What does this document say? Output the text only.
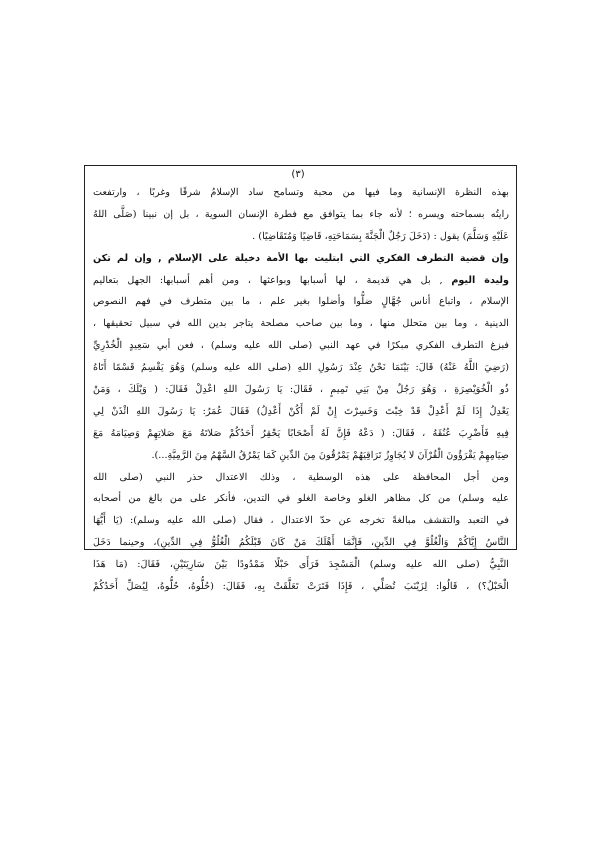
(٣)
بهذه النظرة الإنسانية وما فيها من محبة وتسامح ساد الإسلامُ شرقًا وغربًا ، وارتفعت
رايتُه بسماحته ويسره ؛ لأنه جاء بما يتوافق مع فطرة الإنسان السوية ، بل إن نبينا (صَلَّى اللهُ
عَلَيْهِ وَسَلَّمَ) يقول : (دَخَلَ رَجُلٌ الْجَنَّةَ بِسَمَاحَتِهِ، قَاضِيًا وَمُتَقَاضِيًا) .
وإن قضية التطرف الفكري التي ابتليت بها الأمة دخيلة على الإسلام , وإن لم تكن
وليدة اليوم , بل هي قديمة ، لها أسبابها وبواعثها ، ومن أهم أسبابها: الجهل بتعاليم
الإسلام ، واتباع أناس جُهَّالٍ ضلُّوا وأضلوا بغير علم ، ما بين متطرف في فهم النصوص
الدينية ، وما بين متحلل منها ، وما بين صاحب مصلحة يتاجر بدين الله في سبيل تحقيقها ،
فبزغ التطرف الفكري مبكرًا في عهد النبي (صلى الله عليه وسلم) ، فعن أبي سَعِيدٍ الْخُدْرِيِّ
(رَضِيَ اللَّهُ عَنْهُ) قَالَ: بَيْنَمَا نَحْنُ عِنْدَ رَسُولِ اللهِ (صلى الله عليه وسلم) وَهُوَ يَقْسِمُ قَسْمًا أَتَاهُ
ذُو الْخُوَيْصِرَةِ ، وَهُوَ رَجُلٌ مِنْ بَنِي تَمِيمٍ ، فَقَالَ: يَا رَسُولَ اللهِ اعْدِلْ فَقَالَ: ( وَيْلَكَ ، وَمَنْ
يَعْدِلُ إِذَا لَمْ أَعْدِلْ قَدْ خِبْتَ وَخَسِرْتَ إِنْ لَمْ أَكُنْ أَعْدِلُ) فَقَالَ عُمَرُ: يَا رَسُولَ اللهِ ائْذَنْ لِي
فِيهِ فَأَضْرِبَ عُنُقَهُ ، فَقَالَ: ( دَعْهُ فَإِنَّ لَهُ أَصْحَابًا يَحْقِرُ أَحَدُكُمْ صَلاتَهُ مَعَ صَلاتِهِمْ وَصِيَامَهُ مَعَ
صِيَامِهِمْ يَقْرَؤُونَ الْقُرْآنَ لا يُجَاوِزُ تَرَاقِيَهُمْ يَمْرُقُونَ مِنَ الدِّينِ كَمَا يَمْرُقُ السَّهْمُ مِنَ الرَّمِيَّةِ...).
ومن أجل المحافظة على هذه الوسطية ، وذلك الاعتدال حذر النبي (صلى الله
عليه وسلم) من كل مظاهر الغلو وخاصة الغلو في التدين، فأنكر على من بالغ من أصحابه
في التعبد والتقشف مبالغةً تخرجه عن حدّ الاعتدال ، فقال (صلى الله عليه وسلم): (يَا أَيُّهَا
النَّاسُ إِيَّاكُمْ وَالْغُلُوَّ فِي الدِّينِ، فَإِنَّمَا أَهْلَكَ مَنْ كَانَ قَبْلَكُمُ الْغُلُوُّ فِي الدِّينِ)، وحينما دَخَلَ
النَّبِيُّ (صلى الله عليه وسلم) الْمَسْجِدَ فَرَأَى حَبْلًا مَمْدُودًا بَيْنَ سَارِيَتَيْنِ، فَقَالَ: (مَا هَذَا
الْحَبْلُ؟) ، قَالُوا: لِزَيْنَبَ تُصَلِّي ، فَإِذَا فَتَرَتْ تَعَلَّقَتْ بِهِ، فَقَالَ: (حُلُّوهُ، حُلُّوهُ، لِيُصَلِّ أَحَدُكُمْ
